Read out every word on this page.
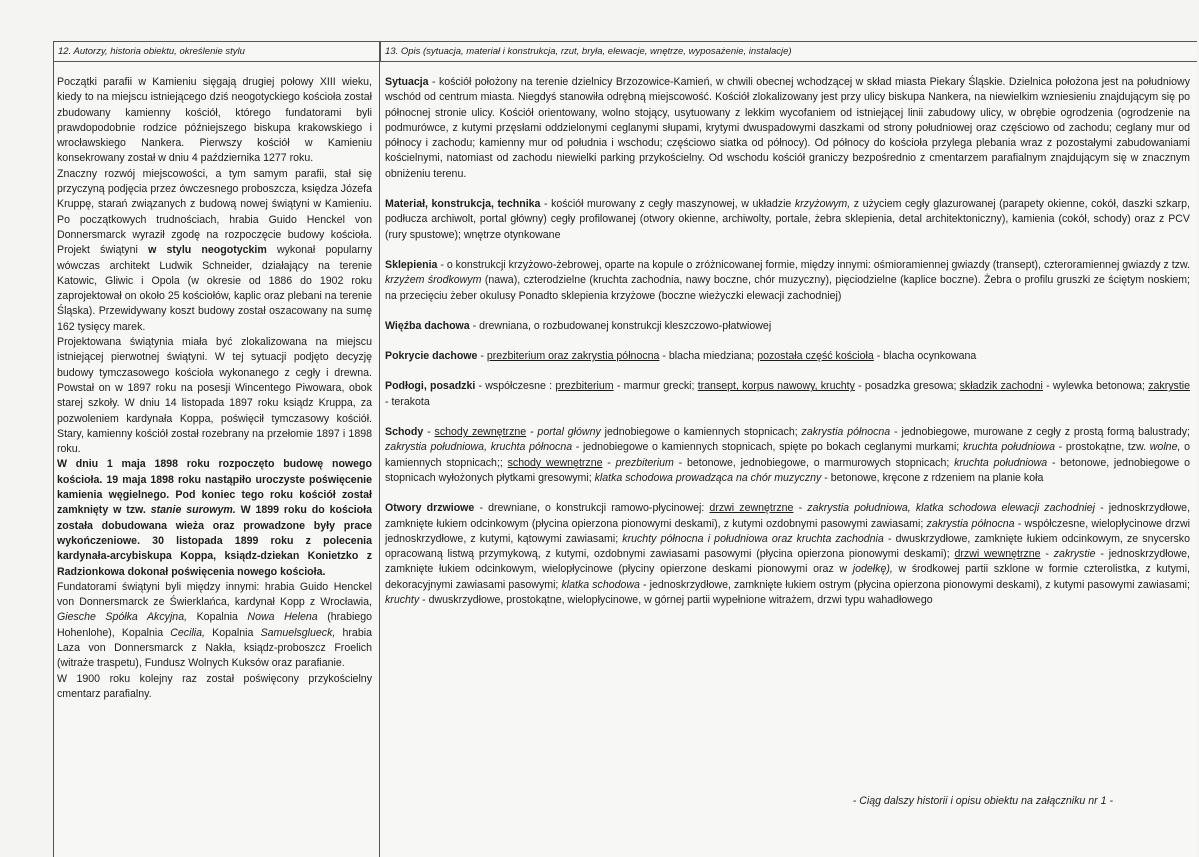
12. Autorzy, historia obiektu, określenie stylu	13. Opis (sytuacja, materiał i konstrukcja, rzut, bryła, elewacje, wnętrze, wyposażenie, instalacje)

Początki parafii w Kamieniu sięgają drugiej połowy XIII wieku, kiedy to na miejscu istniejącego dziś neogotyckiego kościoła został zbudowany kamienny kościół, którego fundatorami byli prawdopodobnie rodzice późniejszego biskupa krakowskiego i wrocławskiego Nankera. Pierwszy kościół w Kamieniu konsekrowany został w dniu 4 października 1277 roku.

Znaczny rozwój miejscowości, a tym samym parafii, stał się przyczyną podjęcia przez ówczesnego proboszcza, księdza Józefa Kruppę, starań związanych z budową nowej świątyni w Kamieniu. Po początkowych trudnościach, hrabia Guido Henckel von Donnersmarck wyraził zgodę na rozpoczęcie budowy kościoła. Projekt świątyni w stylu neogotyckim wykonał popularny wówczas architekt Ludwik Schneider, działający na terenie Katowic, Gliwic i Opola (w okresie od 1886 do 1902 roku zaprojektował on około 25 kościołów, kaplic oraz plebani na terenie Śląska). Przewidywany koszt budowy został oszacowany na sumę 162 tysięcy marek.

Projektowana świątynia miała być zlokalizowana na miejscu istniejącej pierwotnej świątyni. W tej sytuacji podjęto decyzję budowy tymczasowego kościoła wykonanego z cegły i drewna. Powstał on w 1897 roku na posesji Wincentego Piwowara, obok starej szkoły. W dniu 14 listopada 1897 roku ksiądz Kruppa, za pozwoleniem kardynała Koppa, poświęcił tymczasowy kościół. Stary, kamienny kościół został rozebrany na przełomie 1897 i 1898 roku.

W dniu 1 maja 1898 roku rozpoczęto budowę nowego kościoła. 19 maja 1898 roku nastąpiło uroczyste poświęcenie kamienia węgielnego. Pod koniec tego roku kościół został zamknięty w tzw. stanie surowym. W 1899 roku do kościoła została dobudowana wieża oraz prowadzone były prace wykończeniowe. 30 listopada 1899 roku z polecenia kardynała-arcybiskupa Koppa, ksiądz-dziekan Konietzko z Radzionkowa dokonał poświęcenia nowego kościoła.

Fundatorami świątyni byli między innymi: hrabia Guido Henckel von Donnersmarck ze Świerklańca, kardynał Kopp z Wrocławia, Giesche Spółka Akcyjna, Kopalnia Nowa Helena (hrabiego Hohenlohe), Kopalnia Cecilia, Kopalnia Samuelsglueck, hrabia Laza von Donnersmarck z Nakła, ksiądz-proboszcz Froelich (witraże traspetu), Fundusz Wolnych Kuksów oraz parafianie.

W 1900 roku kolejny raz został poświęcony przykościelny cmentarz parafialny.

Sytuacja - kościół położony na terenie dzielnicy Brzozowice-Kamień, w chwili obecnej wchodzącej w skład miasta Piekary Śląskie. Dzielnica położona jest na południowy wschód od centrum miasta. Niegdyś stanowiła odrębną miejscowość. Kościół zlokalizowany jest przy ulicy biskupa Nankera, na niewielkim wzniesieniu znajdującym się po północnej stronie ulicy. Kościół orientowany, wolno stojący, usytuowany z lekkim wycofaniem od istniejącej linii zabudowy ulicy, w obrębie ogrodzenia (ogrodzenie na podmurówce, z kutymi przęsłami oddzielonymi ceglanymi słupami, krytymi dwuspadowymi daszkami od strony południowej oraz częściowo od zachodu; ceglany mur od północy i zachodu; kamienny mur od południa i wschodu; częściowo siatka od północy). Od północy do kościoła przylega plebania wraz z pozostałymi zabudowaniami kościelnymi, natomiast od zachodu niewielki parking przykościelny. Od wschodu kościół graniczy bezpośrednio z cmentarzem parafialnym znajdującym się w znacznym obniżeniu terenu.

Materiał, konstrukcja, technika - kościół murowany z cegły maszynowej, w układzie krzyżowym, z użyciem cegły glazurowanej (parapety okienne, cokół, daszki szkarp, podłucza archiwolt, portal główny) cegły profilowanej (otwory okienne, archiwolty, portale, żebra sklepienia, detal architektoniczny), kamienia (cokół, schody) oraz z PCV (rury spustowe); wnętrze otynkowane

Sklepienia - o konstrukcji krzyżowo-żebrowej, oparte na kopule o zróżnicowanej formie, między innymi: ośmioramiennej gwiazdy (transept), czteroramiennej gwiazdy z tzw. krzyżem środkowym (nawa), czterodzielne (kruchta zachodnia, nawy boczne, chór muzyczny), pięciodzielne (kaplice boczne). Żebra o profilu gruszki ze ściętym noskiem; na przecięciu żeber okulusy Ponadto sklepienia krzyżowe (boczne wieżyczki elewacji zachodniej)

Więźba dachowa - drewniana, o rozbudowanej konstrukcji kleszczowo-płatwiowej

Pokrycie dachowe - prezbiterium oraz zakrystia północna - blacha miedziana; pozostała część kościoła - blacha ocynkowana

Podłogi, posadzki - współczesne : prezbiterium - marmur grecki; transept, korpus nawowy, kruchty - posadzka gresowa; składzik zachodni - wylewka betonowa; zakrystie - terakota

Schody - schody zewnętrzne - portal główny jednobiegowe o kamiennych stopnicach; zakrystia północna - jednobiegowe, murowane z cegły z prostą formą balustrady; zakrystia południowa, kruchta północna - jednobiegowe o kamiennych stopnicach, spięte po bokach ceglanymi murkami; kruchta południowa - prostokątne, tzw. wolne, o kamiennych stopnicach;; schody wewnętrzne - prezbiterium - betonowe, jednobiegowe, o marmurowych stopnicach; kruchta południowa - betonowe, jednobiegowe o stopnicach wyłożonych płytkami gresowymi; klatka schodowa prowadząca na chór muzyczny - betonowe, kręcone z rdzeniem na planie koła

Otwory drzwiowe - drewniane, o konstrukcji ramowo-płycinowej: drzwi zewnętrzne - zakrystia południowa, klatka schodowa elewacji zachodniej - jednoskrzydłowe, zamknięte łukiem odcinkowym (płycina opierzona pionowymi deskami), z kutymi ozdobnymi pasowymi zawiasami; zakrystia północna - współczesne, wielopłycinowe drzwi jednoskrzydłowe, z kutymi, kątowymi zawiasami; kruchty północna i południowa oraz kruchta zachodnia - dwuskrzydłowe, zamknięte łukiem odcinkowym, ze snycersko opracowaną listwą przymykową, z kutymi, ozdobnymi zawiasami pasowymi (płycina opierzona pionowymi deskami); drzwi wewnętrzne - zakrystie - jednoskrzydłowe, zamknięte łukiem odcinkowym, wielopłycinowe (płyciny opierzone deskami pionowymi oraz w jodełkę), w środkowej partii szklone w formie czterolistka, z kutymi, dekoracyjnymi zawiasami pasowymi; klatka schodowa - jednoskrzydłowe, zamknięte łukiem ostrym (płycina opierzona pionowymi deskami), z kutymi pasowymi zawiasami; kruchty - dwuskrzydłowe, prostokątne, wielopłycinowe, w górnej partii wypełnione witrażem, drzwi typu wahadłowego

- Ciąg dalszy historii i opisu obiektu na załączniku nr 1 -
